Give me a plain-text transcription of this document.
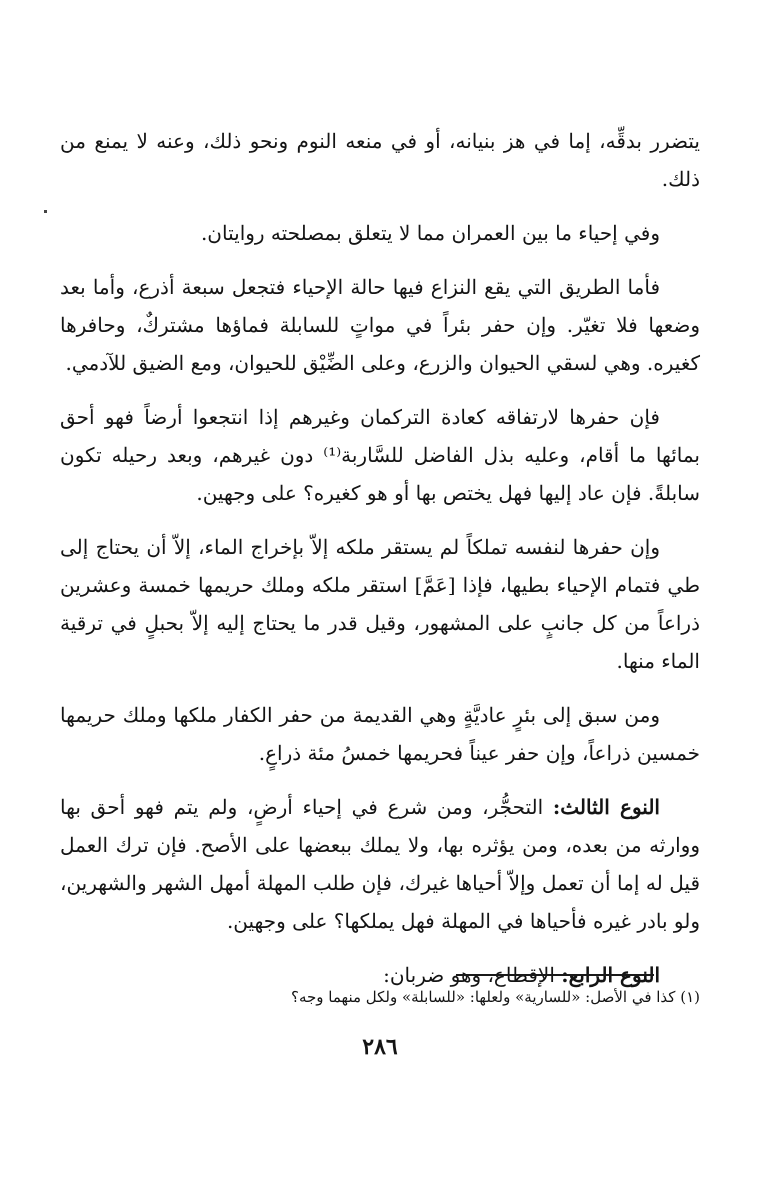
يتضرر بدقِّه، إما في هز بنيانه، أو في منعه النوم ونحو ذلك، وعنه لا يمنع من ذلك.

وفي إحياء ما بين العمران مما لا يتعلق بمصلحته روايتان.

فأما الطريق التي يقع النزاع فيها حالة الإحياء فتجعل سبعة أذرع، وأما بعد وضعها فلا تغيّر. وإن حفر بئراً في مواتٍ للسابلة فماؤها مشتركٌ، وحافرها كغيره. وهي لسقي الحيوان والزرع، وعلى الضِّيْق للحيوان، ومع الضيق للآدمي.

فإن حفرها لارتفاقه كعادة التركمان وغيرهم إذا انتجعوا أرضاً فهو أحق بمائها ما أقام، وعليه بذل الفاضل للسَّاربة⁽¹⁾ دون غيرهم، وبعد رحيله تكون سابلةً. فإن عاد إليها فهل يختص بها أو هو كغيره؟ على وجهين.

وإن حفرها لنفسه تملكاً لم يستقر ملكه إلاّ بإخراج الماء، إلاّ أن يحتاج إلى طي فتمام الإحياء بطيها، فإذا [عَمَّ] استقر ملكه وملك حريمها خمسة وعشرين ذراعاً من كل جانبٍ على المشهور، وقيل قدر ما يحتاج إليه إلاّ بحبلٍ في ترقية الماء منها.

ومن سبق إلى بئرٍ عاديَّةٍ وهي القديمة من حفر الكفار ملكها وملك حريمها خمسين ذراعاً، وإن حفر عيناً فحريمها خمسُ مئة ذراعٍ.

النوع الثالث: التحجُّر، ومن شرع في إحياء أرضٍ، ولم يتم فهو أحق بها ووارثه من بعده، ومن يؤثره بها، ولا يملك ببعضها على الأصح. فإن ترك العمل قيل له إما أن تعمل وإلاّ أحياها غيرك، فإن طلب المهلة أمهل الشهر والشهرين، ولو بادر غيره فأحياها في المهلة فهل يملكها؟ على وجهين.

النوع الرابع: الإقطاع، وهو ضربان:

(١) كذا في الأصل: «للسارية» ولعلها: «للسابلة» ولكل منهما وجه؟
٢٨٦
